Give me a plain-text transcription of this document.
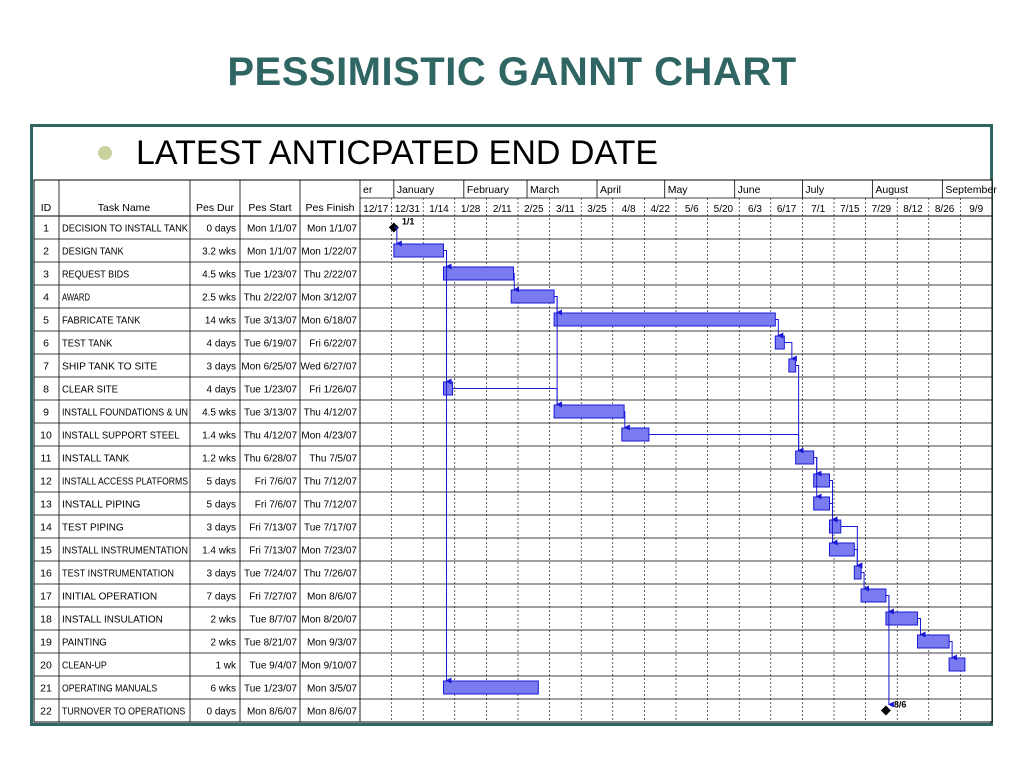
PESSIMISTIC GANNT CHART
LATEST ANTICPATED END DATE
ID	Task Name	Pes Dur Pes Start Pes Finish
1 DECISION TO INSTALL TANK 0 days Mon 1/1/07 Mon 1/1/07
2 DESIGN TANK	3.2 wks Mon 1/1/07 Mon 1/22/07
3 REQUEST BIDS	4.5 wks Tue 1/23/07 Thu 2/22/07
4 AWARD	2.5 wks Thu 2/22/07 Mon 3/12/07
5 FABRICATE TANK	14 wks Tue 3/13/07 Mon 6/18/07
6 TEST TANK	4 days Tue 6/19/07 Fri 6/22/07
7 SHIP TANK TO SITE	3 days Mon 6/25/07 Wed 6/27/07
8 CLEAR SITE	4 days Tue 1/23/07 Fri 1/26/07
9 INSTALL FOUNDATIONS & UN 4.5 wks Tue 3/13/07 Thu 4/12/07
10 INSTALL SUPPORT STEEL 1.4 wks Thu 4/12/07 Mon 4/23/07
11 INSTALL TANK	1.2 wks Thu 6/28/07 Thu 7/5/07
12 INSTALL ACCESS PLATFORMS 5 days Fri 7/6/07 Thu 7/12/07
13 INSTALL PIPING	5 days Fri 7/6/07 Thu 7/12/07
14 TEST PIPING	3 days Fri 7/13/07 Tue 7/17/07
15 INSTALL INSTRUMENTATION 1.4 wks Fri 7/13/07 Mon 7/23/07
16 TEST INSTRUMENTATION	3 days Tue 7/24/07 Thu 7/26/07
17 INITIAL OPERATION	7 days Fri 7/27/07 Mon 8/6/07
18 INSTALL INSULATION	2 wks Tue 8/7/07 Mon 8/20/07
19 PAINTING	2 wks Tue 8/21/07 Mon 9/3/07
20 CLEAN-UP	1 wk Tue 9/4/07 Mon 9/10/07
21 OPERATING MANUALS	6 wks Tue 1/23/07 Mon 3/5/07
22 TURNOVER TO OPERATIONS 0 days Mon 8/6/07 Mon 8/6/07
er January	February March	April	May	June	July	August	September
12/17 12/31 1/14 1/28 2/11 2/25 3/11 3/25 4/8 4/22 5/6 5/20 6/3 6/17 7/1 7/15 7/29 8/12 8/26 9/9
1/1
8/6
